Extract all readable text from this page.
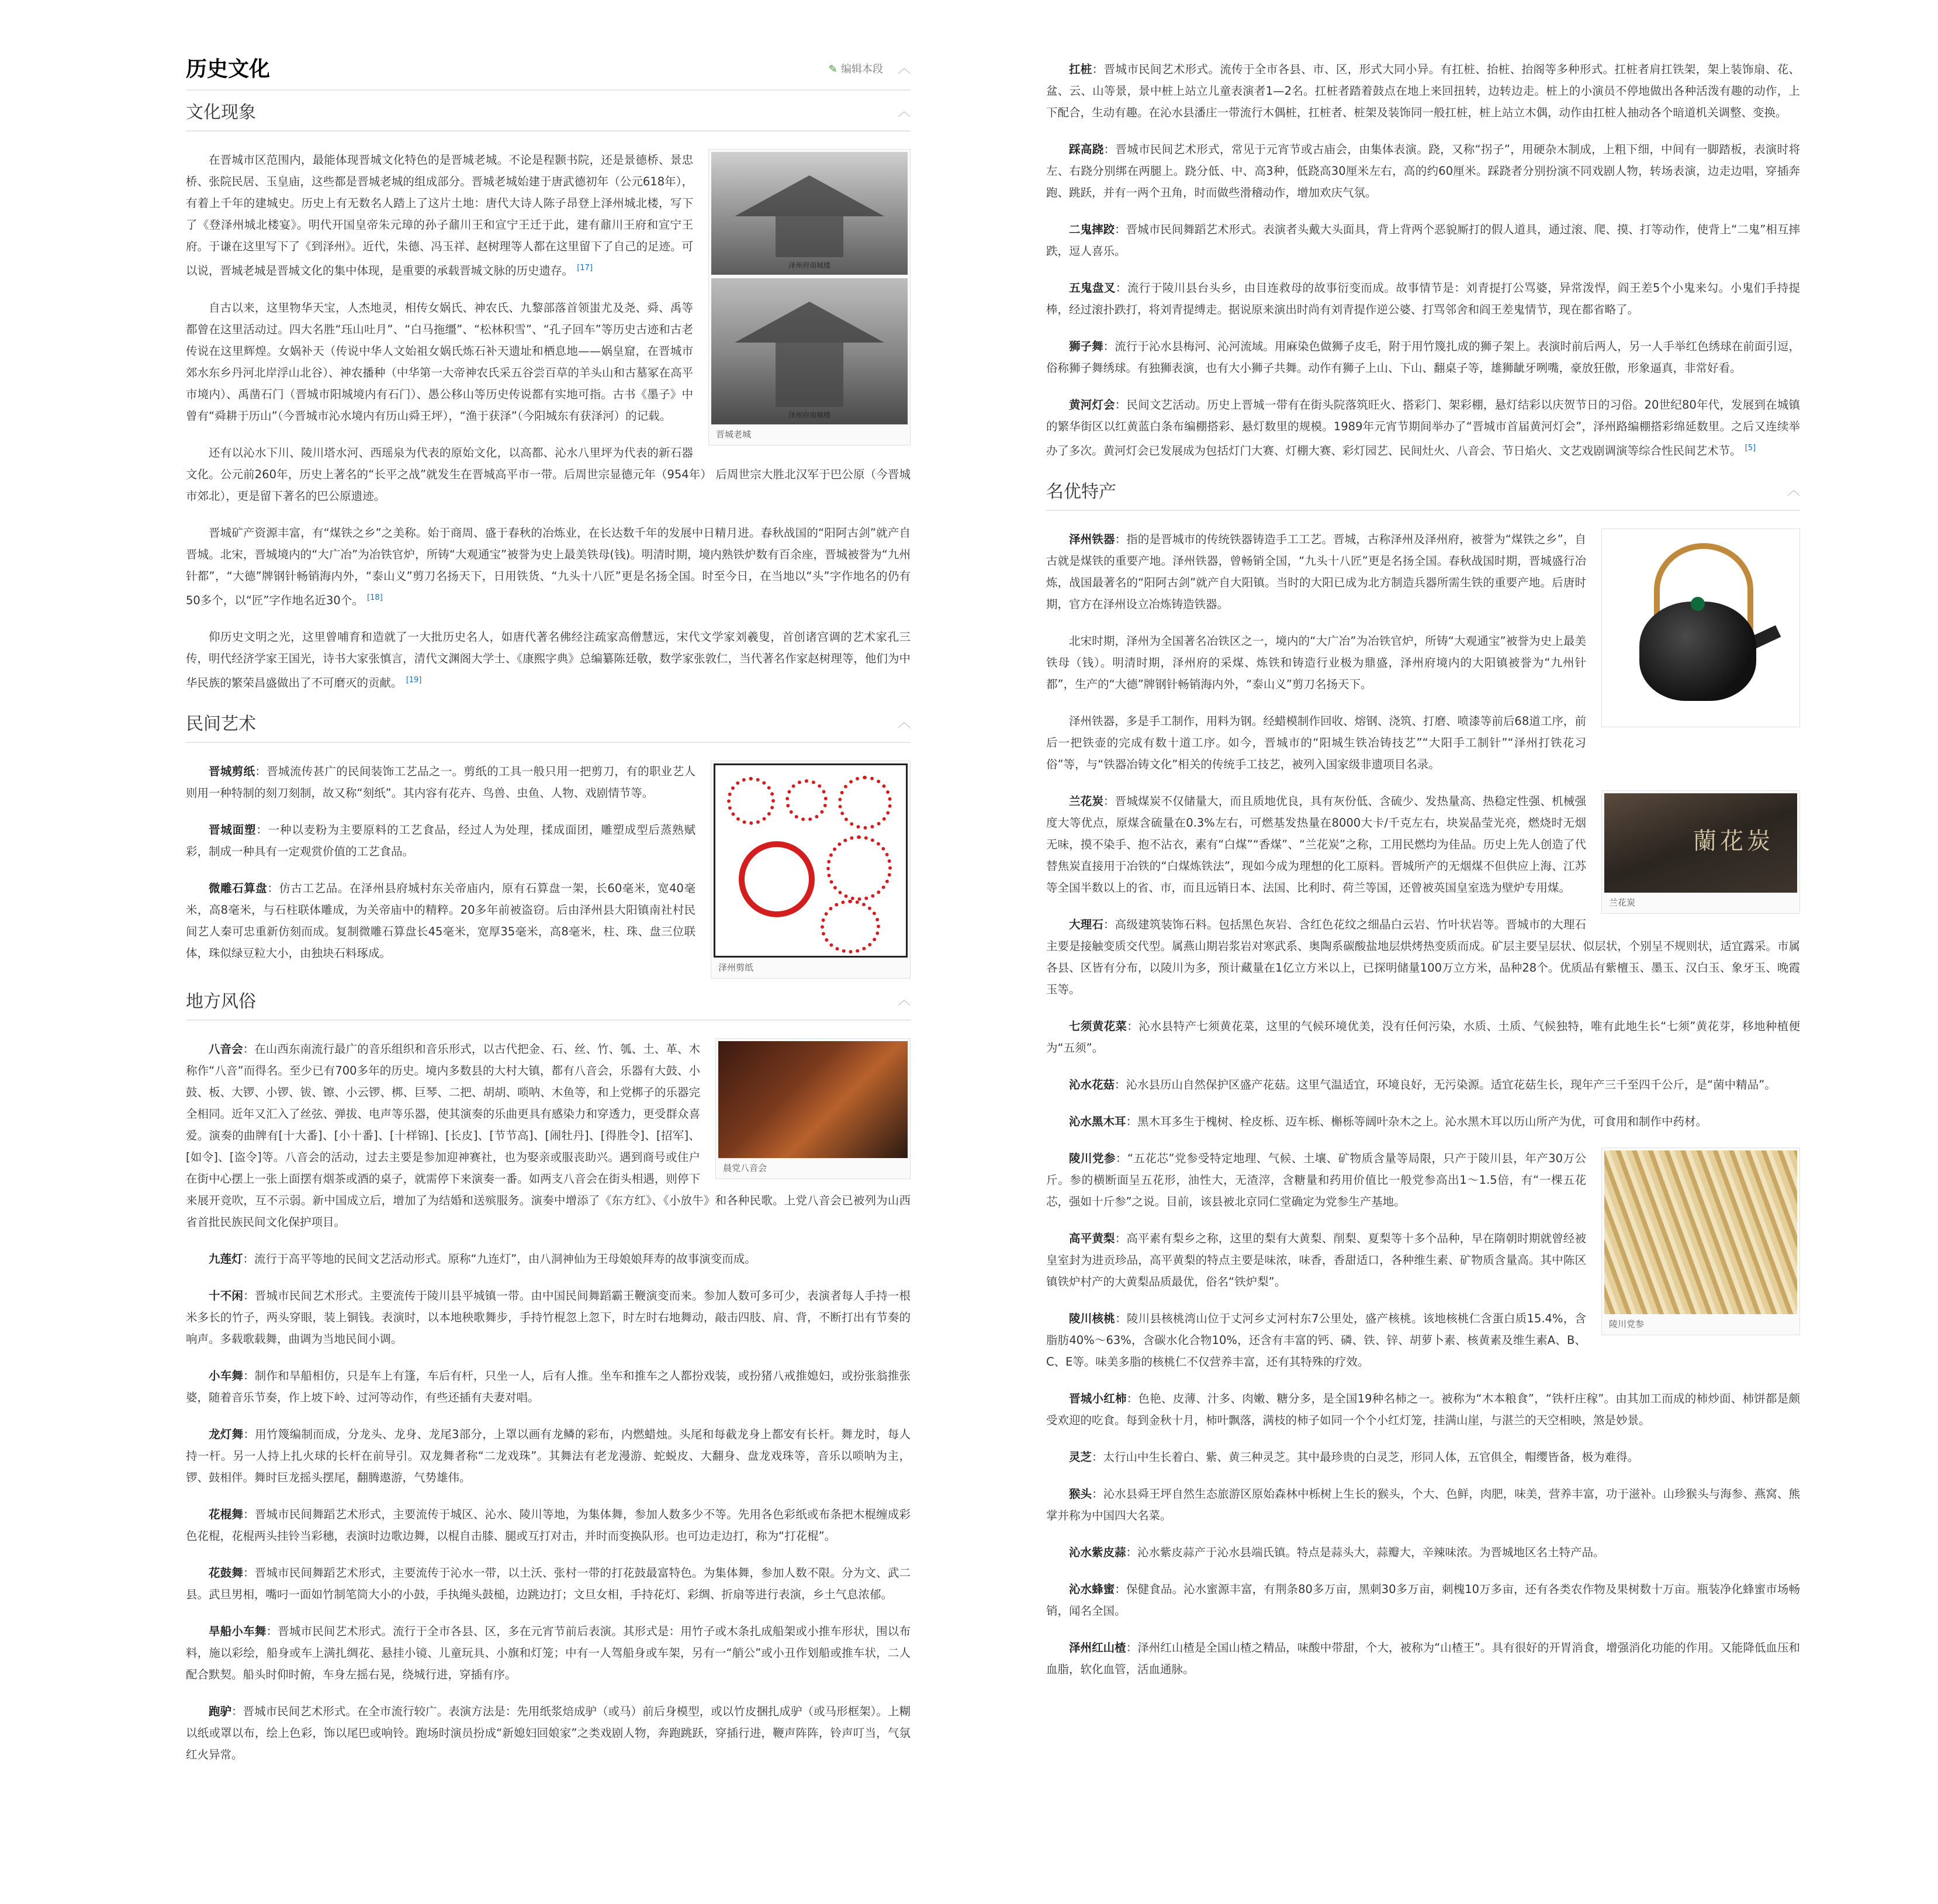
历史文化	✎ 编辑本段 ︿
文化现象	︿
泽州府南城楼
泽州府南城楼
晋城老城

在晋城市区范围内，最能体现晋城文化特色的是晋城老城。不论是程颢书院，还是景德桥、景忠桥、张院民居、玉皇庙，这些都是晋城老城的组成部分。晋城老城始建于唐武德初年（公元618年），有着上千年的建城史。历史上有无数名人踏上了这片土地：唐代大诗人陈子昂登上泽州城北楼，写下了《登泽州城北楼宴》。明代开国皇帝朱元璋的孙子鼐川王和宣宁王迁于此，建有鼐川王府和宣宁王府。于谦在这里写下了《到泽州》。近代，朱德、冯玉祥、赵树理等人都在这里留下了自己的足迹。可以说，晋城老城是晋城文化的集中体现，是重要的承载晋城文脉的历史遗存。 [17]

自古以来，这里物华天宝，人杰地灵，相传女娲氏、神农氏、九黎部落首领蚩尤及尧、舜、禹等都曾在这里活动过。四大名胜“珏山吐月”、“白马拖缰”、“松林积雪”、“孔子回车”等历史古迹和古老传说在这里辉煌。女娲补天（传说中华人文始祖女娲氏炼石补天遗址和栖息地——娲皇窟，在晋城市郊水东乡丹河北岸浮山北谷）、神农播种（中华第一大帝神农氏采五谷尝百草的羊头山和古墓冢在高平市境内）、禹凿石门（晋城市阳城境内有石门）、愚公移山等历史传说都有实地可指。古书《墨子》中曾有“舜耕于历山”（今晋城市沁水境内有历山舜王坪），“渔于获泽”（今阳城东有获泽河）的记载。

还有以沁水下川、陵川塔水河、西瑶泉为代表的原始文化，以高都、沁水八里坪为代表的新石器文化。公元前260年，历史上著名的“长平之战”就发生在晋城高平市一带。后周世宗显德元年（954年） 后周世宗大胜北汉军于巴公原（今晋城市郊北），更是留下著名的巴公原遗迹。

晋城矿产资源丰富，有“煤铁之乡”之美称。始于商周、盛于春秋的冶炼业，在长达数千年的发展中日精月进。春秋战国的“阳阿古剑”就产自晋城。北宋，晋城境内的“大广冶”为冶铁官炉，所铸“大观通宝”被誉为史上最美铁母(钱)。明清时期，境内熟铁炉数有百余座，晋城被誉为“九州针都”，“大德”牌钢针畅销海内外，“泰山义”剪刀名扬天下，日用铁货、“九头十八匠”更是名扬全国。时至今日，在当地以“头”字作地名的仍有50多个，以“匠”字作地名近30个。 [18]

仰历史文明之光，这里曾哺育和造就了一大批历史名人，如唐代著名佛经注疏家高僧慧远，宋代文学家刘羲叟，首创诸宫调的艺术家孔三传，明代经济学家王国光，诗书大家张慎言，清代文渊阁大学士、《康熙字典》总编纂陈廷敬，数学家张敦仁，当代著名作家赵树理等，他们为中华民族的繁荣昌盛做出了不可磨灭的贡献。 [19]

民间艺术	︿
泽州剪纸

晋城剪纸：晋城流传甚广的民间装饰工艺品之一。剪纸的工具一般只用一把剪刀，有的职业艺人则用一种特制的刻刀刻制，故又称“刻纸”。其内容有花卉、鸟兽、虫鱼、人物、戏剧情节等。

晋城面塑：一种以麦粉为主要原料的工艺食品，经过人为处理，揉成面团，雕塑成型后蒸熟赋彩，制成一种具有一定观赏价值的工艺食品。

微雕石算盘：仿古工艺品。在泽州县府城村东关帝庙内，原有石算盘一架，长60毫米，宽40毫米，高8毫米，与石柱联体雕成，为关帝庙中的精粹。20多年前被盗窃。后由泽州县大阳镇南社村民间艺人秦可忠重新仿刻而成。复制微雕石算盘长45毫米，宽厚35毫米，高8毫米，柱、珠、盘三位联体，珠似绿豆粒大小，由独块石料琢成。

地方风俗	︿
晨党八音会

八音会：在山西东南流行最广的音乐组织和音乐形式，以古代把金、石、丝、竹、瓠、土、革、木称作“八音”而得名。至少已有700多年的历史。境内多数县的大村大镇，都有八音会，乐器有大鼓、小鼓、板、大锣、小锣、钹、镲、小云锣、梆、巨琴、二把、胡胡、唢呐、木鱼等，和上党梆子的乐器完全相同。近年又汇入了丝弦、弹拔、电声等乐器，使其演奏的乐曲更具有感染力和穿透力，更受群众喜爱。演奏的曲牌有[十大番]、[小十番]、[十样锦]、[长皮]、[节节高]、[闹牡丹]、[得胜令]、[招军]、[如令]、[盗令]等。八音会的活动，过去主要是参加迎神赛社，也为娶亲或服丧助兴。遇到商号或住户在街中心摆上一张上面摆有烟茶或酒的桌子，就需停下来演奏一番。如两支八音会在街头相遇，则停下来展开竞吹，互不示弱。新中国成立后，增加了为结婚和送殡服务。演奏中增添了《东方红》、《小放牛》和各种民歌。上党八音会已被列为山西省首批民族民间文化保护项目。

九莲灯：流行于高平等地的民间文艺活动形式。原称“九连灯”，由八洞神仙为王母娘娘拜寿的故事演变而成。

十不闲：晋城市民间艺术形式。主要流传于陵川县平城镇一带。由中国民间舞蹈霸王鞭演变而来。参加人数可多可少，表演者每人手持一根米多长的竹子，两头穿眼，装上铜钱。表演时，以本地秧歌舞步，手持竹棍忽上忽下，时左时右地舞动，敲击四肢、肩、背，不断打出有节奏的响声。多载歌载舞，曲调为当地民间小调。

小车舞：制作和旱船相仿，只是车上有篷，车后有杆，只坐一人，后有人推。坐车和推车之人都扮戏装，或扮猪八戒推媳妇，或扮张翁推张婆，随着音乐节奏，作上坡下岭、过河等动作，有些还插有夫妻对唱。

龙灯舞：用竹篾编制而成，分龙头、龙身、龙尾3部分，上罩以画有龙鳞的彩布，内燃蜡烛。头尾和每截龙身上都安有长杆。舞龙时，每人持一杆。另一人持上扎火球的长杆在前导引。双龙舞者称“二龙戏珠”。其舞法有老龙漫游、蛇蜕皮、大翻身、盘龙戏珠等，音乐以唢呐为主，锣、鼓相伴。舞时巨龙摇头摆尾，翻腾遨游，气势雄伟。

花棍舞：晋城市民间舞蹈艺术形式，主要流传于城区、沁水、陵川等地，为集体舞，参加人数多少不等。先用各色彩纸或布条把木棍缠成彩色花棍，花棍两头挂铃当彩穗，表演时边歌边舞，以棍自击膝、腿或互打对击，并时而变换队形。也可边走边打，称为“打花棍”。

花鼓舞：晋城市民间舞蹈艺术形式，主要流传于沁水一带，以土沃、张村一带的打花鼓最富特色。为集体舞，参加人数不限。分为文、武二县。武旦男相，嘴叼一面如竹制笔筒大小的小鼓，手执绳头鼓槌，边跳边打；文旦女相，手持花灯、彩绸、折扇等进行表演，乡土气息浓郁。

旱船小车舞：晋城市民间艺术形式。流行于全市各县、区，多在元宵节前后表演。其形式是：用竹子或木条扎成船架或小推车形状，围以布料，施以彩绘，船身或车上满扎绸花、悬挂小镜、儿童玩具、小旗和灯笼；中有一人驾船身或车架，另有一“艄公”或小丑作划船或推车状，二人配合默契。船头时仰时俯，车身左摇右晃，绕城行进，穿插有序。

跑驴：晋城市民间艺术形式。在全市流行较广。表演方法是：先用纸浆焙成驴（或马）前后身模型，或以竹皮捆扎成驴（或马形框架）。上糊以纸或罩以布，绘上色彩，饰以尾巴或响铃。跑场时演员扮成“新媳妇回娘家”之类戏剧人物，奔跑跳跃，穿插行进，鞭声阵阵，铃声叮当，气氛红火异常。

扛桩：晋城市民间艺术形式。流传于全市各县、市、区，形式大同小异。有扛桩、抬桩、抬阁等多种形式。扛桩者肩扛铁架，架上装饰扇、花、盆、云、山等景，景中桩上站立儿童表演者1—2名。扛桩者踏着鼓点在地上来回扭转，边转边走。桩上的小演员不停地做出各种活泼有趣的动作，上下配合，生动有趣。在沁水县潘庄一带流行木偶桩，扛桩者、桩架及装饰同一般扛桩，桩上站立木偶，动作由扛桩人抽动各个暗道机关调整、变换。

踩高跷：晋城市民间艺术形式，常见于元宵节或古庙会，由集体表演。跷，又称“拐子”，用硬杂木制成，上粗下细，中间有一脚踏板，表演时将左、右跷分别绑在两腿上。跷分低、中、高3种，低跷高30厘米左右，高的约60厘米。踩跷者分别扮演不同戏剧人物，转场表演，边走边唱，穿插奔跑、跳跃，并有一两个丑角，时而做些滑稽动作，增加欢庆气氛。

二鬼摔跤：晋城市民间舞蹈艺术形式。表演者头戴大头面具，背上背两个恶貌厮打的假人道具，通过滚、爬、摸、打等动作，使背上“二鬼”相互摔跌，逗人喜乐。

五鬼盘叉：流行于陵川县台头乡，由目连救母的故事衍变而成。故事情节是：刘青提打公骂婆，异常泼悍，阎王差5个小鬼来勾。小鬼们手持提棒，经过滚扑跌打，将刘青提缚走。据说原来演出时尚有刘青提作逆公婆、打骂邻舍和阎王差鬼情节，现在都省略了。

狮子舞：流行于沁水县梅河、沁河流域。用麻染色做狮子皮毛，附于用竹篾扎成的狮子架上。表演时前后两人，另一人手举红色绣球在前面引逗，俗称狮子舞绣球。有独狮表演，也有大小狮子共舞。动作有狮子上山、下山、翻桌子等，雄狮龇牙咧嘴，豪放狂傲，形象逼真，非常好看。

黄河灯会：民间文艺活动。历史上晋城一带有在街头院落筑旺火、搭彩门、架彩棚，悬灯结彩以庆贺节日的习俗。20世纪80年代，发展到在城镇的繁华街区以红黄蓝白条布编棚搭彩、悬灯数里的规模。1989年元宵节期间举办了“晋城市首届黄河灯会”，泽州路编棚搭彩绵延数里。之后又连续举办了多次。黄河灯会已发展成为包括灯门大赛、灯棚大赛、彩灯园艺、民间灶火、八音会、节日焰火、文艺戏剧调演等综合性民间艺术节。 [5]

名优特产	︿

泽州铁器：指的是晋城市的传统铁器铸造手工工艺。晋城，古称泽州及泽州府，被誉为“煤铁之乡”，自古就是煤铁的重要产地。泽州铁器，曾畅销全国，“九头十八匠”更是名扬全国。春秋战国时期，晋城盛行冶炼，战国最著名的“阳阿古剑”就产自大阳镇。当时的大阳已成为北方制造兵器所需生铁的重要产地。后唐时期，官方在泽州设立冶炼铸造铁器。

北宋时期，泽州为全国著名冶铁区之一，境内的“大广冶”为冶铁官炉，所铸“大观通宝”被誉为史上最美铁母（钱）。明清时期，泽州府的采煤、炼铁和铸造行业极为鼎盛，泽州府境内的大阳镇被誉为“九州针都”，生产的“大德”牌钢针畅销海内外，“泰山义”剪刀名扬天下。

泽州铁器，多是手工制作，用料为钢。经蜡模制作回收、熔钢、浇筑、打磨、喷漆等前后68道工序，前后一把铁壶的完成有数十道工序。如今，晋城市的“阳城生铁冶铸技艺”“大阳手工制针”“泽州打铁花习俗”等，与“铁器冶铸文化”相关的传统手工技艺，被列入国家级非遗项目名录。

蘭花炭
兰花炭

兰花炭：晋城煤炭不仅储量大，而且质地优良，具有灰份低、含硫少、发热量高、热稳定性强、机械强度大等优点，原煤含硫量在0.3%左右，可燃基发热量在8000大卡/千克左右，块炭晶莹光亮，燃烧时无烟无味，摸不染手、抱不沾衣，素有“白煤”“香煤”、“兰花炭”之称，工用民燃均为佳品。历史上先人创造了代替焦炭直接用于冶铁的“白煤炼铁法”，现如今成为理想的化工原料。晋城所产的无烟煤不但供应上海、江苏等全国半数以上的省、市，而且远销日本、法国、比利时、荷兰等国，还曾被英国皇室选为壁炉专用煤。

大理石：高级建筑装饰石料。包括黑色灰岩、含红色花纹之细晶白云岩、竹叶状岩等。晋城市的大理石主要是接触变质交代型。属燕山期岩浆岩对寒武系、奥陶系碳酸盐地层烘烤热变质而成。矿层主要呈层状、似层状，个别呈不规则状，适宜露采。市属各县、区皆有分布，以陵川为多，预计藏量在1亿立方米以上，已探明储量100万立方米，品种28个。优质品有紫檀玉、墨玉、汉白玉、象牙玉、晚霞玉等。

七须黄花菜：沁水县特产七须黄花菜，这里的气候环境优美，没有任何污染，水质、土质、气候独特，唯有此地生长“七须”黄花芽，移地种植便为“五须”。

沁水花菇：沁水县历山自然保护区盛产花菇。这里气温适宜，环境良好，无污染源。适宜花菇生长，现年产三千至四千公斤，是“菌中精品”。

沁水黑木耳：黑木耳多生于槐树、栓皮栎、迈车栎、槲栎等阔叶杂木之上。沁水黑木耳以历山所产为优，可食用和制作中药材。

陵川党参

陵川党参：“五花芯”党参受特定地理、气候、土壤、矿物质含量等局限，只产于陵川县，年产30万公斤。参的横断面呈五花形，油性大，无渣滓，含糖量和药用价值比一般党参高出1～1.5倍，有“一棵五花芯，强如十斤参”之说。目前，该县被北京同仁堂确定为党参生产基地。

高平黄梨：高平素有梨乡之称，这里的梨有大黄梨、削梨、夏梨等十多个品种，早在隋朝时期就曾经被皇室封为进贡珍品，高平黄梨的特点主要是味浓，味香，香甜适口，各种维生素、矿物质含量高。其中陈区镇铁炉村产的大黄梨品质最优，俗名“铁炉梨”。

陵川核桃：陵川县核桃湾山位于丈河乡丈河村东7公里处，盛产核桃。该地核桃仁含蛋白质15.4%，含脂肪40%～63%，含碳水化合物10%，还含有丰富的钙、磷、铁、锌、胡萝卜素、核黄素及维生素A、B、C、E等。味美多脂的核桃仁不仅营养丰富，还有其特殊的疗效。

晋城小红柿：色艳、皮薄、汁多、肉嫩、糖分多，是全国19种名柿之一。被称为“木本粮食”，“铁杆庄稼”。由其加工而成的柿炒面、柿饼都是颇受欢迎的吃食。每到金秋十月，柿叶飘落，满枝的柿子如同一个个小红灯笼，挂满山崖，与湛兰的天空相映，煞是妙景。

灵芝：太行山中生长着白、紫、黄三种灵芝。其中最珍贵的白灵芝，形同人体，五官俱全，帽缨皆备，极为难得。

猴头：沁水县舜王坪自然生态旅游区原始森林中栎树上生长的猴头，个大、色鲜，肉肥，味美，营养丰富，功于滋补。山珍猴头与海参、燕窝、熊掌并称为中国四大名菜。

沁水紫皮蒜：沁水紫皮蒜产于沁水县端氏镇。特点是蒜头大，蒜瓣大，辛辣味浓。为晋城地区名土特产品。

沁水蜂蜜：保健食品。沁水蜜源丰富，有荆条80多万亩，黑刺30多万亩，刺槐10万多亩，还有各类农作物及果树数十万亩。瓶装净化蜂蜜市场畅销，闻名全国。

泽州红山楂：泽州红山楂是全国山楂之精品，味酸中带甜，个大，被称为“山楂王”。具有很好的开胃消食，增强消化功能的作用。又能降低血压和血脂，软化血管，活血通脉。
